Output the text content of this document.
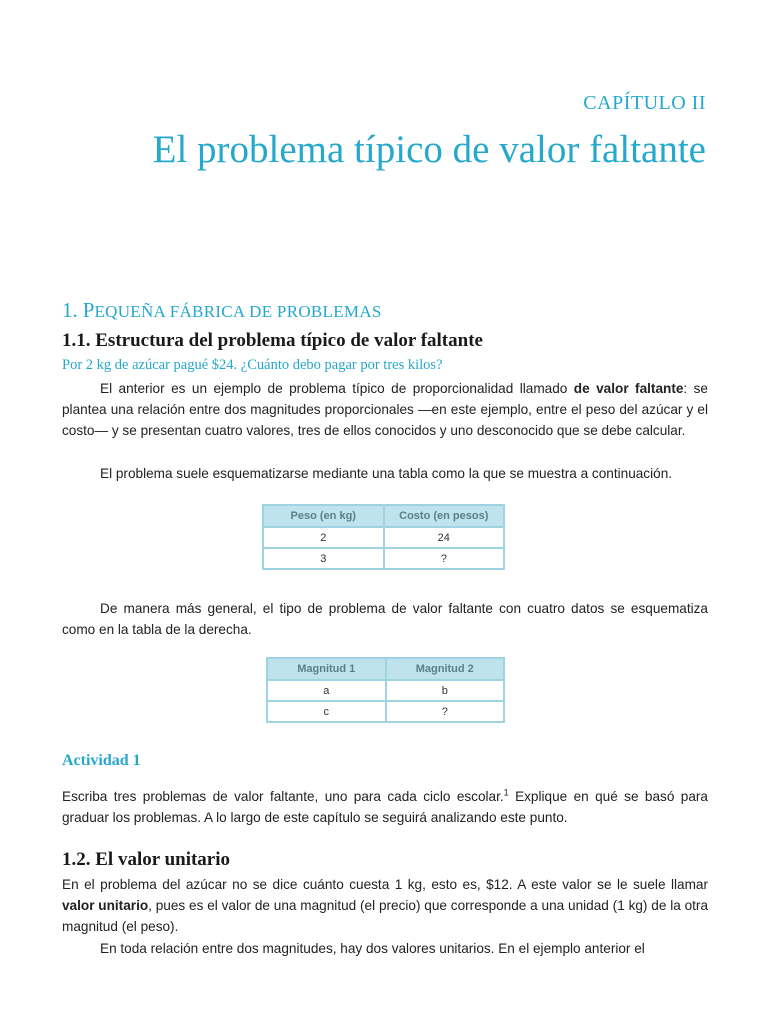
CAPÍTULO II
El problema típico de valor faltante
1. PEQUEÑA FÁBRICA DE PROBLEMAS
1.1. Estructura del problema típico de valor faltante
Por 2 kg de azúcar pagué $24. ¿Cuánto debo pagar por tres kilos?

El anterior es un ejemplo de problema típico de proporcionalidad llamado de valor faltante: se plantea una relación entre dos magnitudes proporcionales —en este ejemplo, entre el peso del azúcar y el costo— y se presentan cuatro valores, tres de ellos conocidos y uno desconocido que se debe calcular.

El problema suele esquematizarse mediante una tabla como la que se muestra a continuación.

Peso (en kg)	Costo (en pesos)
2	24
3	?

De manera más general, el tipo de problema de valor faltante con cuatro datos se esquematiza como en la tabla de la derecha.

Magnitud 1	Magnitud 2
a	b
c	?
Actividad 1

Escriba tres problemas de valor faltante, uno para cada ciclo escolar.$^1$ Explique en qué se basó para graduar los problemas. A lo largo de este capítulo se seguirá analizando este punto.

1.2. El valor unitario

En el problema del azúcar no se dice cuánto cuesta 1 kg, esto es, $12. A este valor se le suele llamar valor unitario, pues es el valor de una magnitud (el precio) que corresponde a una unidad (1 kg) de la otra magnitud (el peso).

En toda relación entre dos magnitudes, hay dos valores unitarios. En el ejemplo anterior el
